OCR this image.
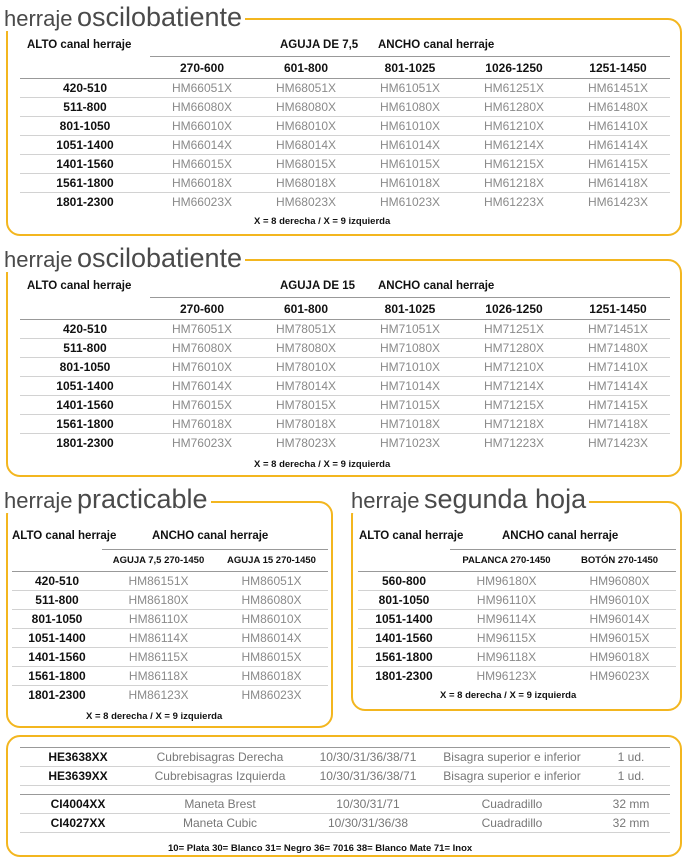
herraje oscilobatiente
ALTO canal herraje	AGUJA DE 7,5 ANCHO canal herraje
	270-600	601-800	801-1025	1026-1250	1251-1450
420-510	HM66051X	HM68051X	HM61051X	HM61251X	HM61451X
511-800	HM66080X	HM68080X	HM61080X	HM61280X	HM61480X
801-1050	HM66010X	HM68010X	HM61010X	HM61210X	HM61410X
1051-1400	HM66014X	HM68014X	HM61014X	HM61214X	HM61414X
1401-1560	HM66015X	HM68015X	HM61015X	HM61215X	HM61415X
1561-1800	HM66018X	HM68018X	HM61018X	HM61218X	HM61418X
1801-2300	HM66023X	HM68023X	HM61023X	HM61223X	HM61423X
X = 8 derecha / X = 9 izquierda
herraje oscilobatiente
ALTO canal herraje	AGUJA DE 15 ANCHO canal herraje
	270-600	601-800	801-1025	1026-1250	1251-1450
420-510	HM76051X	HM78051X	HM71051X	HM71251X	HM71451X
511-800	HM76080X	HM78080X	HM71080X	HM71280X	HM71480X
801-1050	HM76010X	HM78010X	HM71010X	HM71210X	HM71410X
1051-1400	HM76014X	HM78014X	HM71014X	HM71214X	HM71414X
1401-1560	HM76015X	HM78015X	HM71015X	HM71215X	HM71415X
1561-1800	HM76018X	HM78018X	HM71018X	HM71218X	HM71418X
1801-2300	HM76023X	HM78023X	HM71023X	HM71223X	HM71423X
X = 8 derecha / X = 9 izquierda
herraje practicable
ALTO canal herraje	ANCHO canal herraje
	AGUJA 7,5 270-1450	AGUJA 15 270-1450
420-510	HM86151X	HM86051X
511-800	HM86180X	HM86080X
801-1050	HM86110X	HM86010X
1051-1400	HM86114X	HM86014X
1401-1560	HM86115X	HM86015X
1561-1800	HM86118X	HM86018X
1801-2300	HM86123X	HM86023X
X = 8 derecha / X = 9 izquierda
herraje segunda hoja
ALTO canal herraje	ANCHO canal herraje
	PALANCA 270-1450	BOTÓN 270-1450
560-800	HM96180X	HM96080X
801-1050	HM96110X	HM96010X
1051-1400	HM96114X	HM96014X
1401-1560	HM96115X	HM96015X
1561-1800	HM96118X	HM96018X
1801-2300	HM96123X	HM96023X
X = 8 derecha / X = 9 izquierda
HE3638XX	Cubrebisagras Derecha	10/30/31/36/38/71	Bisagra superior e inferior	1 ud.
HE3639XX	Cubrebisagras Izquierda	10/30/31/36/38/71	Bisagra superior e inferior	1 ud.

CI4004XX	Maneta Brest	10/30/31/71	Cuadradillo	32 mm
CI4027XX	Maneta Cubic	10/30/31/36/38	Cuadradillo	32 mm
10= Plata 30= Blanco 31= Negro 36= 7016 38= Blanco Mate 71= Inox
